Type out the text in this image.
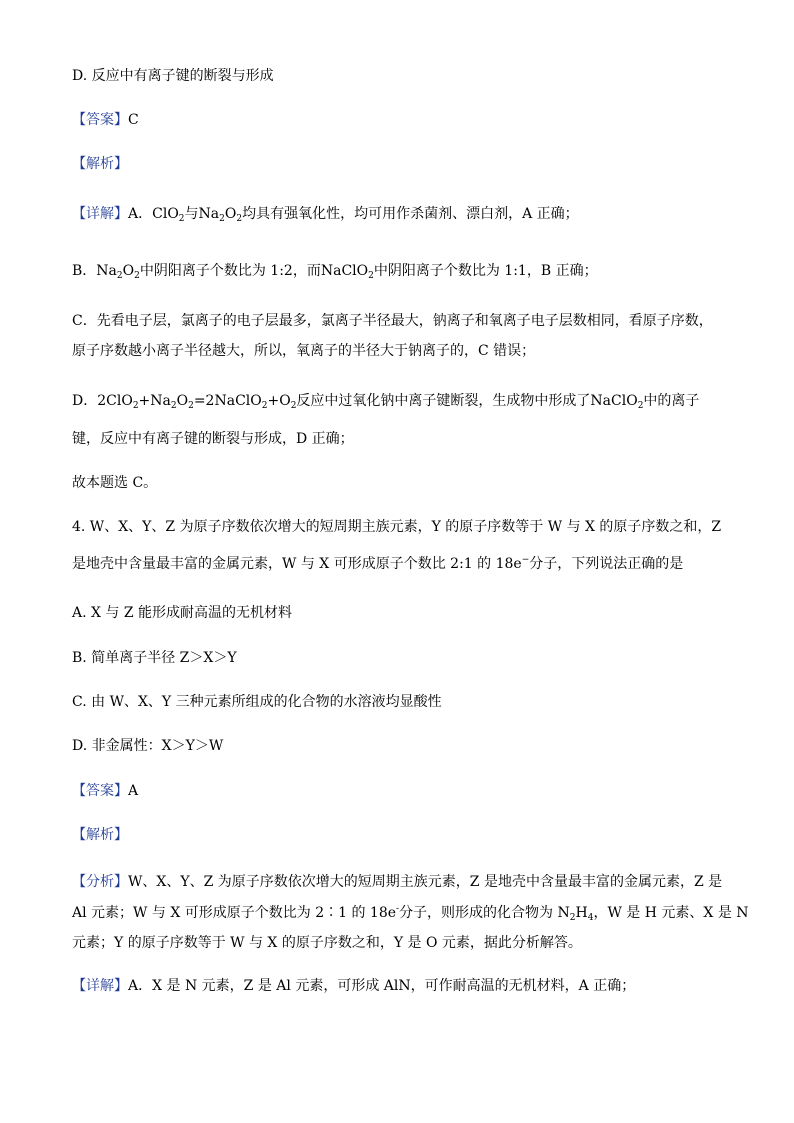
D. 反应中有离子键的断裂与形成
【答案】C
【解析】
【详解】A．ClO$_2$与$Na_2O_2$均具有强氧化性，均可用作杀菌剂、漂白剂，A 正确；
B．$Na_2O_2$中阴阳离子个数比为 1:2，而NaClO$_2$中阴阳离子个数比为 1:1，B 正确；
C．先看电子层，氯离子的电子层最多，氯离子半径最大，钠离子和氧离子电子层数相同，看原子序数，
原子序数越小离子半径越大，所以，氧离子的半径大于钠离子的，C 错误；
D．$2ClO_2+Na_2O_2=2NaClO_2+O_2$反应中过氧化钠中离子键断裂，生成物中形成了NaClO$_2$中的离子
键，反应中有离子键的断裂与形成，D 正确；
故本题选 C。
4. W、X、Y、Z 为原子序数依次增大的短周期主族元素，Y 的原子序数等于 W 与 X 的原子序数之和，Z
是地壳中含量最丰富的金属元素，W 与 X 可形成原子个数比 2:1 的 18e−分子，下列说法正确的是
A. X 与 Z 能形成耐高温的无机材料
B. 简单离子半径 Z＞X＞Y
C. 由 W、X、Y 三种元素所组成的化合物的水溶液均显酸性
D. 非金属性：X＞Y＞W
【答案】A
【解析】
【分析】W、X、Y、Z 为原子序数依次增大的短周期主族元素，Z 是地壳中含量最丰富的金属元素，Z 是
Al 元素；W 与 X 可形成原子个数比为 2∶1 的 18e-分子，则形成的化合物为 $N_2H_4$，W 是 H 元素、X 是 N
元素；Y 的原子序数等于 W 与 X 的原子序数之和，Y 是 O 元素，据此分析解答。
【详解】A．X 是 N 元素，Z 是 Al 元素，可形成 AlN，可作耐高温的无机材料，A 正确；
